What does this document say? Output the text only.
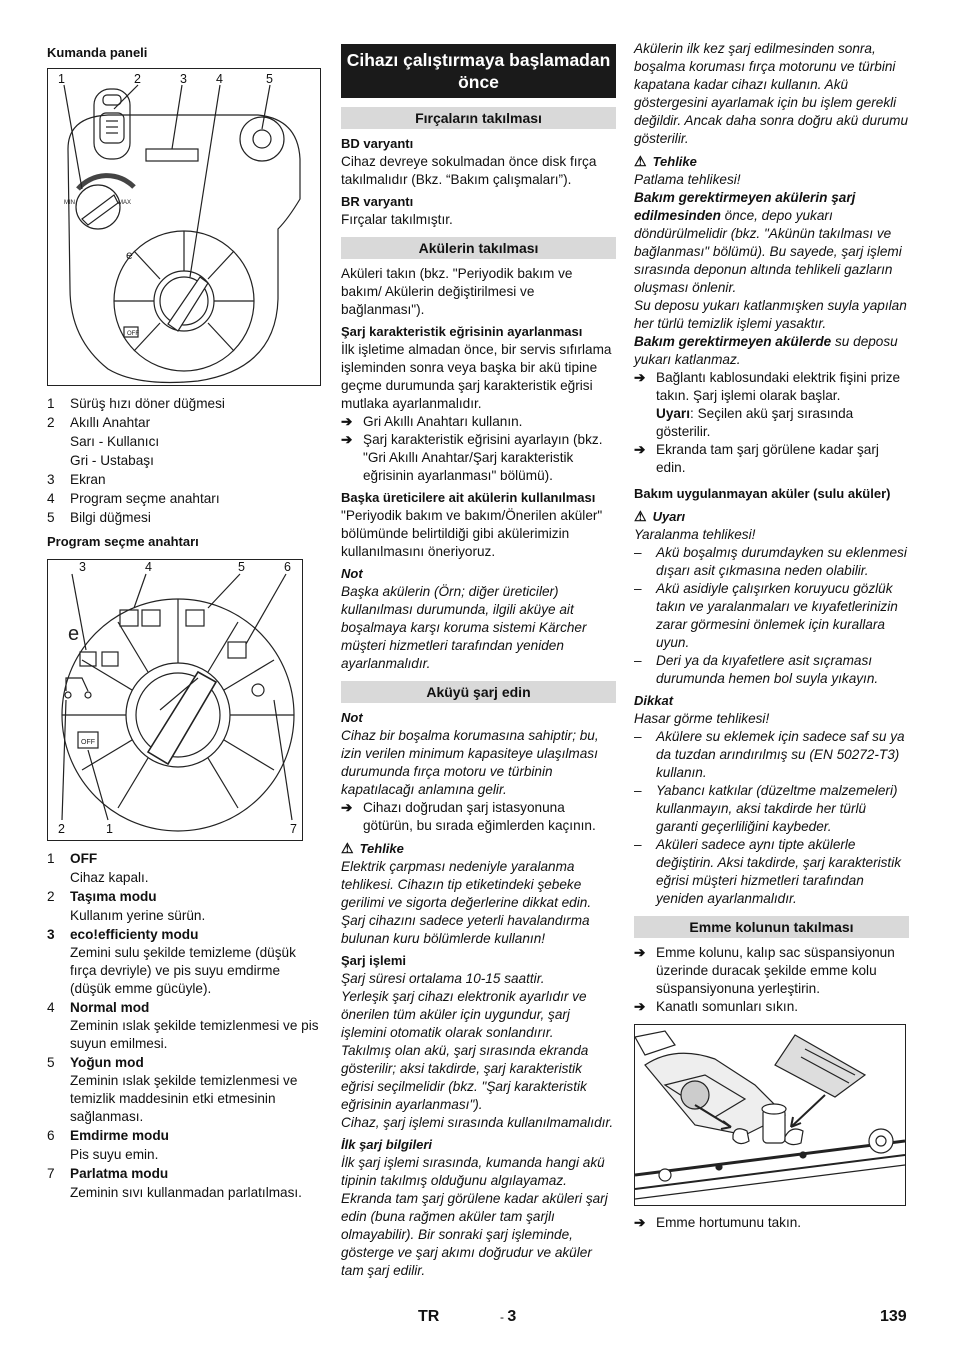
Kumanda paneli

1	2	3 4	5
MIN	MAX
OFF
e
1 Sürüş hızı döner düğmesi
2 Akıllı Anahtar
Sarı - Kullanıcı
Gri - Ustabaşı
3 Ekran
4 Program seçme anahtarı
5 Bilgi düğmesi

Program seçme anahtarı

3	4	5	6
2	1	7
OFF
e
1 OFF
Cihaz kapalı.
2 Taşıma modu
Kullanım yerine sürün.
3 eco!efficienty modu
Zemini sulu şekilde temizleme (düşük fırça devriyle) ve pis suyu emdirme (düşük emme gücüyle).
4 Normal mod
Zeminin ıslak şekilde temizlenmesi ve pis suyun emilmesi.
5 Yoğun mod
Zeminin ıslak şekilde temizlenmesi ve temizlik maddesinin etki etmesinin sağlanması.
6 Emdirme modu
Pis suyu emin.
7 Parlatma modu
Zeminin sıvı kullanmadan parlatılması.
Cihazı çalıştırmaya başlamadan önce
Fırçaların takılması

BD varyantı

Cihaz devreye sokulmadan önce disk fırça takılmalıdır (Bkz. “Bakım çalışmaları”).

BR varyantı

Fırçalar takılmıştır.

Akülerin takılması

Aküleri takın (bkz. "Periyodik bakım ve bakım/ Akülerin değiştirilmesi ve bağlanması").

Şarj karakteristik eğrisinin ayarlanması

İlk işletime almadan önce, bir servis sıfırlama işleminden sonra veya başka bir akü tipine geçme durumunda şarj karakteristik eğrisi mutlaka ayarlanmalıdır.

➔ Gri Akıllı Anahtarı kullanın.
➔ Şarj karakteristik eğrisini ayarlayın (bkz. "Gri Akıllı Anahtar/Şarj karakteristik eğrisinin ayarlanması" bölümü).

Başka üreticilere ait akülerin kullanılması

"Periyodik bakım ve bakım/Önerilen aküler" bölümünde belirtildiği gibi akülerimizin kullanılmasını öneriyoruz.

Not

Başka akülerin (Örn; diğer üreticiler) kullanılması durumunda, ilgili aküye ait boşalmaya karşı koruma sistemi Kärcher müşteri hizmetleri tarafından yeniden ayarlanmalıdır.

Aküyü şarj edin

Not

Cihaz bir boşalma korumasına sahiptir; bu, izin verilen minimum kapasiteye ulaşılması durumunda fırça motoru ve türbinin kapatılacağı anlamına gelir.

➔ Cihazı doğrudan şarj istasyonuna götürün, bu sırada eğimlerden kaçının.

⚠ Tehlike

Elektrik çarpması nedeniyle yaralanma tehlikesi. Cihazın tip etiketindeki şebeke gerilimi ve sigorta değerlerine dikkat edin.

Şarj cihazını sadece yeterli havalandırma bulunan kuru bölümlerde kullanın!

Şarj işlemi

Şarj süresi ortalama 10-15 saattir.

Yerleşik şarj cihazı elektronik ayarlıdır ve önerilen tüm aküler için uygundur, şarj işlemini otomatik olarak sonlandırır.

Takılmış olan akü, şarj sırasında ekranda gösterilir; aksi takdirde, şarj karakteristik eğrisi seçilmelidir (bkz. "Şarj karakteristik eğrisinin ayarlanması").

Cihaz, şarj işlemi sırasında kullanılmamalıdır.

İlk şarj bilgileri

İlk şarj işlemi sırasında, kumanda hangi akü tipinin takılmış olduğunu algılayamaz. Ekranda tam şarj görülene kadar aküleri şarj edin (buna rağmen aküler tam şarjlı olmayabilir). Bir sonraki şarj işleminde, gösterge ve şarj akımı doğrudur ve aküler tam şarj edilir.

Akülerin ilk kez şarj edilmesinden sonra, boşalma koruması fırça motorunu ve türbini kapatana kadar cihazı kullanın. Akü göstergesini ayarlamak için bu işlem gerekli değildir. Ancak daha sonra doğru akü durumu gösterilir.

⚠ Tehlike

Patlama tehlikesi!

Bakım gerektirmeyen akülerin şarj edilmesinden önce, depo yukarı döndürülmelidir (bkz. "Akünün takılması ve bağlanması" bölümü). Bu sayede, şarj işlemi sırasında deponun altında tehlikeli gazların oluşması önlenir.

Su deposu yukarı katlanmışken suyla yapılan her türlü temizlik işlemi yasaktır.

Bakım gerektirmeyen akülerde su deposu yukarı katlanmaz.

➔ Bağlantı kablosundaki elektrik fişini prize takın. Şarj işlemi olarak başlar.
Uyarı: Seçilen akü şarj sırasında gösterilir.
➔ Ekranda tam şarj görülene kadar şarj edin.

Bakım uygulanmayan aküler (sulu aküler)

⚠ Uyarı

Yaralanma tehlikesi!

– Akü boşalmış durumdayken su eklenmesi dışarı asit çıkmasına neden olabilir.
– Akü asidiyle çalışırken koruyucu gözlük takın ve yaralanmaları ve kıyafetlerinizin zarar görmesini önlemek için kurallara uyun.
– Deri ya da kıyafetlere asit sıçraması durumunda hemen bol suyla yıkayın.

Dikkat

Hasar görme tehlikesi!

– Akülere su eklemek için sadece saf su ya da tuzdan arındırılmış su (EN 50272-T3) kullanın.
– Yabancı katkılar (düzeltme malzemeleri) kullanmayın, aksi takdirde her türlü garanti geçerliliğini kaybeder.
– Aküleri sadece aynı tipte akülerle değiştirin. Aksi takdirde, şarj karakteristik eğrisi müşteri hizmetleri tarafından yeniden ayarlanmalıdır.
Emme kolunun takılması
➔ Emme kolunu, kalıp sac süspansiyonun üzerinde duracak şekilde emme kolu süspansiyonuna yerleştirin.
➔ Kanatlı somunları sıkın.
➔ Emme hortumunu takın.
TR	- 3	139
